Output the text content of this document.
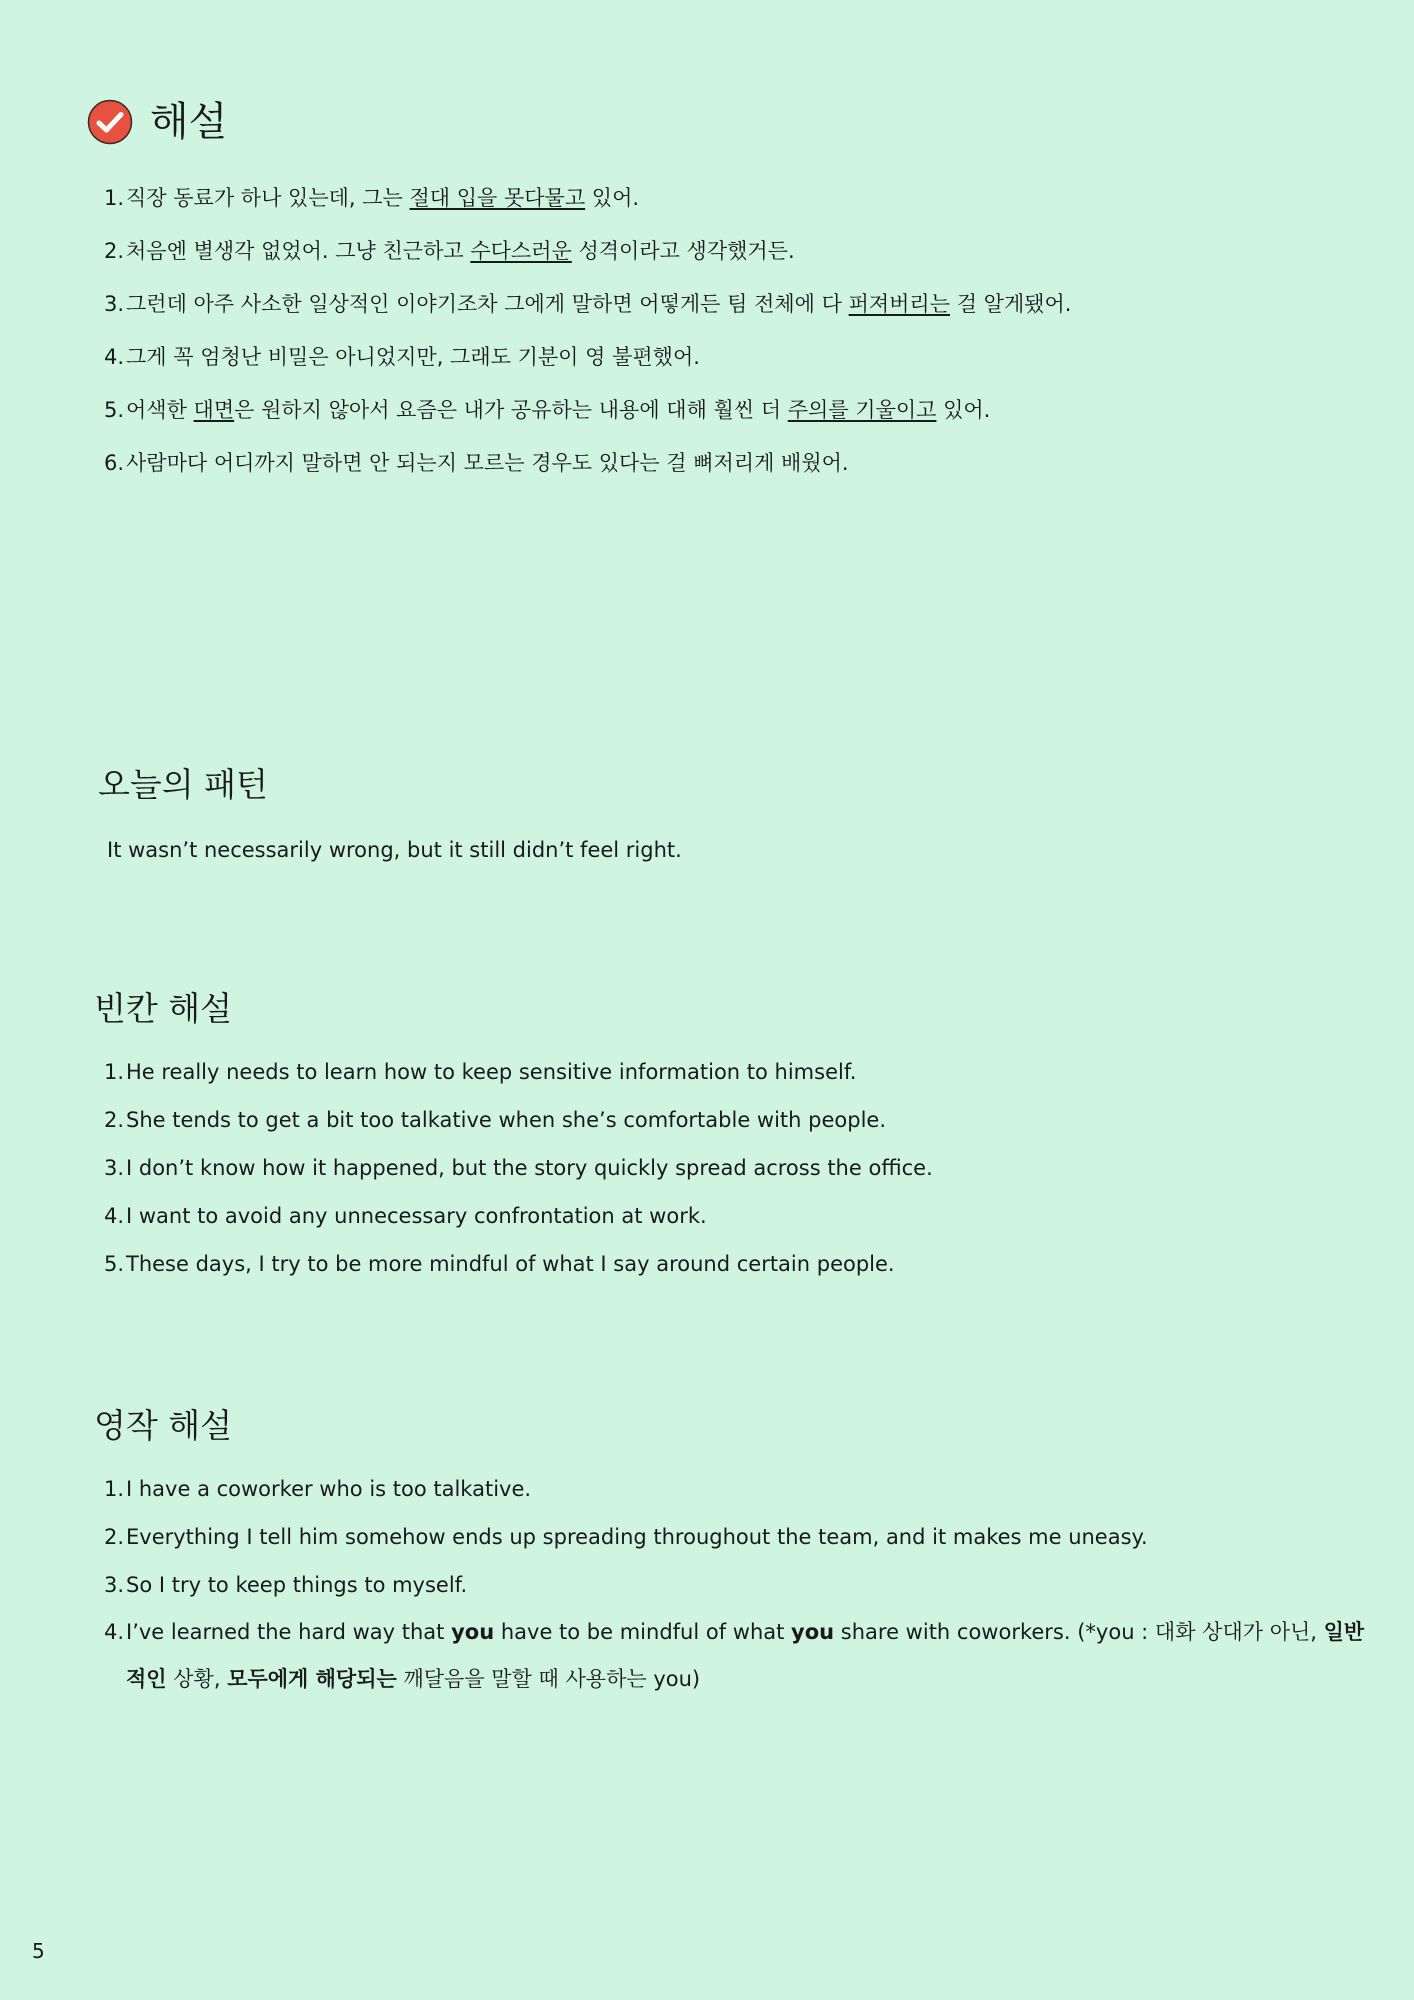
해설
1 . 직장 동료가 하나 있는데, 그는 절대 입을 못다물고 있어.
2 . 처음엔 별생각 없었어. 그냥 친근하고 수다스러운 성격이라고 생각했거든.
3 . 그런데 아주 사소한 일상적인 이야기조차 그에게 말하면 어떻게든 팀 전체에 다 퍼져버리는 걸 알게됐어.
4 . 그게 꼭 엄청난 비밀은 아니었지만, 그래도 기분이 영 불편했어.
5 . 어색한 대면은 원하지 않아서 요즘은 내가 공유하는 내용에 대해 훨씬 더 주의를 기울이고 있어.
6 . 사람마다 어디까지 말하면 안 되는지 모르는 경우도 있다는 걸 뼈저리게 배웠어.
오늘의 패턴
It wasn’t necessarily wrong, but it still didn’t feel right.
빈칸 해설
1 . He really needs to learn how to keep sensitive information to himself.
2 . She tends to get a bit too talkative when she’s comfortable with people.
3 . I don’t know how it happened, but the story quickly spread across the office.
4 . I want to avoid any unnecessary confrontation at work.
5 . These days, I try to be more mindful of what I say around certain people.
영작 해설
1 . I have a coworker who is too talkative.
2 . Everything I tell him somehow ends up spreading throughout the team, and it makes me uneasy.
3 . So I try to keep things to myself.
4 . I’ve learned the hard way that you have to be mindful of what you share with coworkers. (*you : 대화 상대가 아닌, 일반적인 상황, 모두에게 해당되는 깨달음을 말할 때 사용하는 you)
5
